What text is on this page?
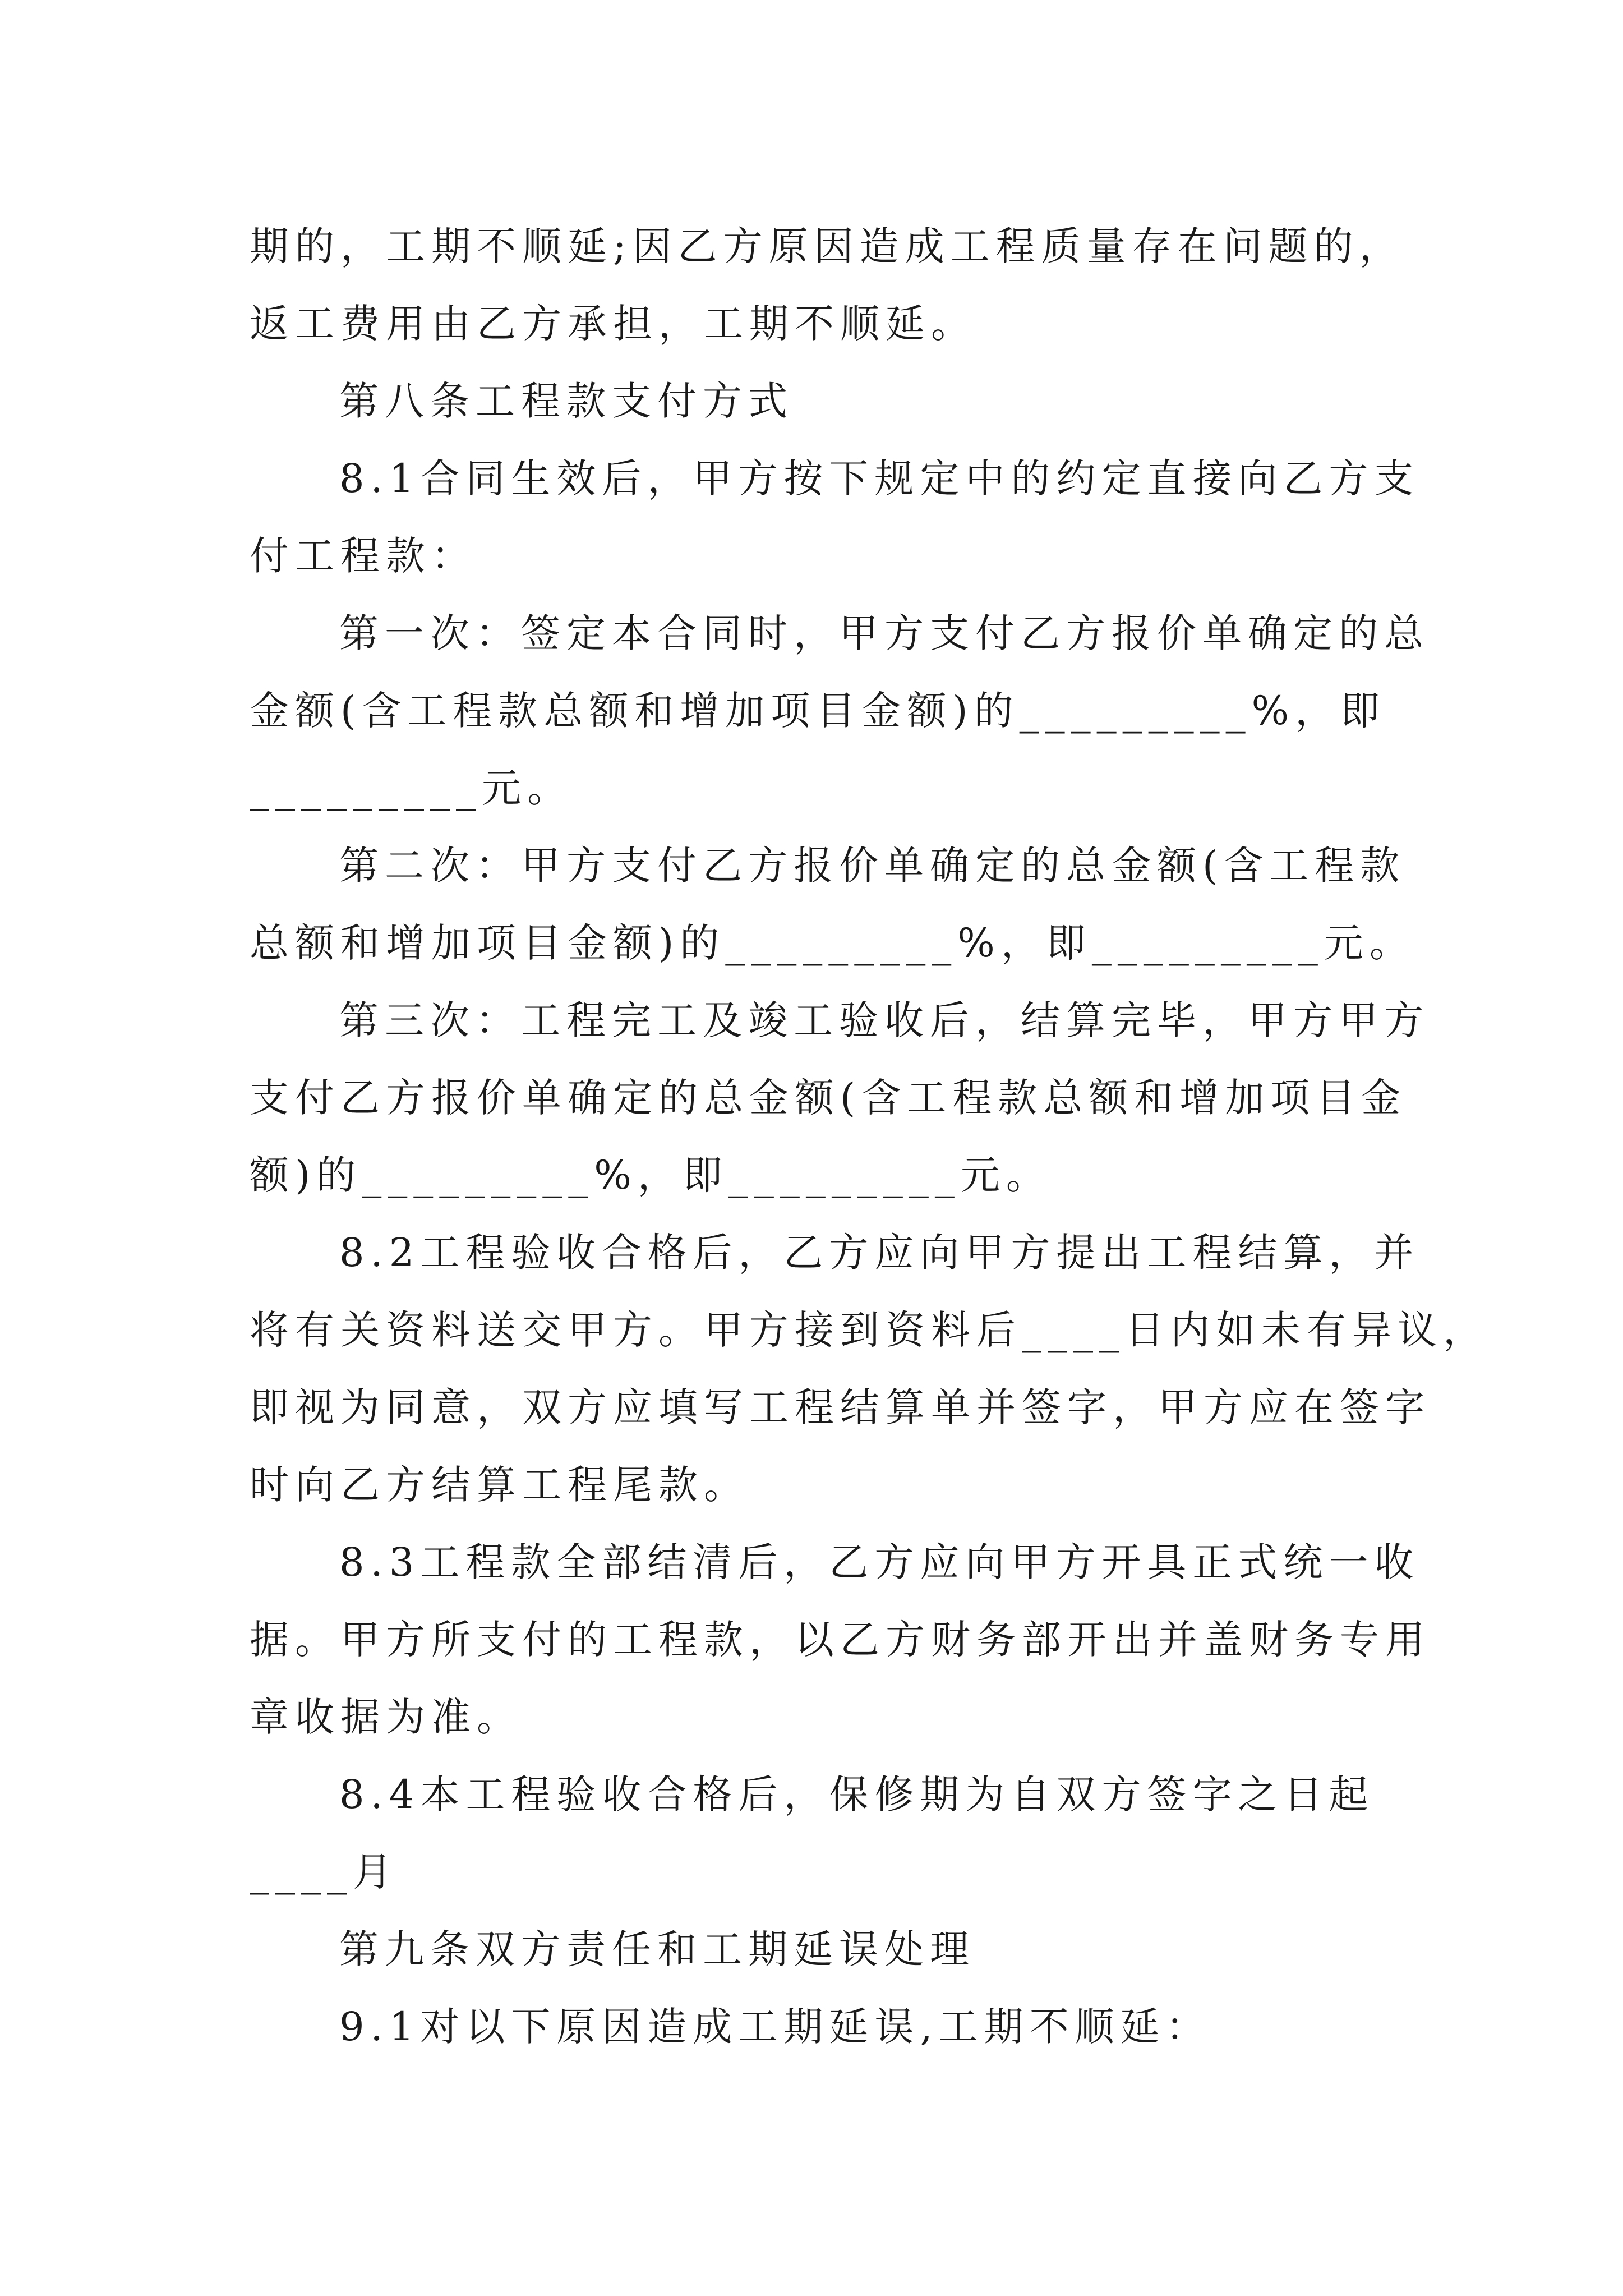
期的，工期不顺延;因乙方原因造成工程质量存在问题的，
返工费用由乙方承担，工期不顺延。
第八条工程款支付方式
8.1合同生效后，甲方按下规定中的约定直接向乙方支
付工程款：
第一次：签定本合同时，甲方支付乙方报价单确定的总
金额(含工程款总额和增加项目金额)的_________%，即
_________元。
第二次：甲方支付乙方报价单确定的总金额(含工程款
总额和增加项目金额)的_________%，即_________元。
第三次：工程完工及竣工验收后，结算完毕，甲方甲方
支付乙方报价单确定的总金额(含工程款总额和增加项目金
额)的_________%，即_________元。
8.2工程验收合格后，乙方应向甲方提出工程结算，并
将有关资料送交甲方。甲方接到资料后____日内如未有异议，
即视为同意，双方应填写工程结算单并签字，甲方应在签字
时向乙方结算工程尾款。
8.3工程款全部结清后，乙方应向甲方开具正式统一收
据。甲方所支付的工程款，以乙方财务部开出并盖财务专用
章收据为准。
8.4本工程验收合格后，保修期为自双方签字之日起
____月
第九条双方责任和工期延误处理
9.1对以下原因造成工期延误,工期不顺延：
